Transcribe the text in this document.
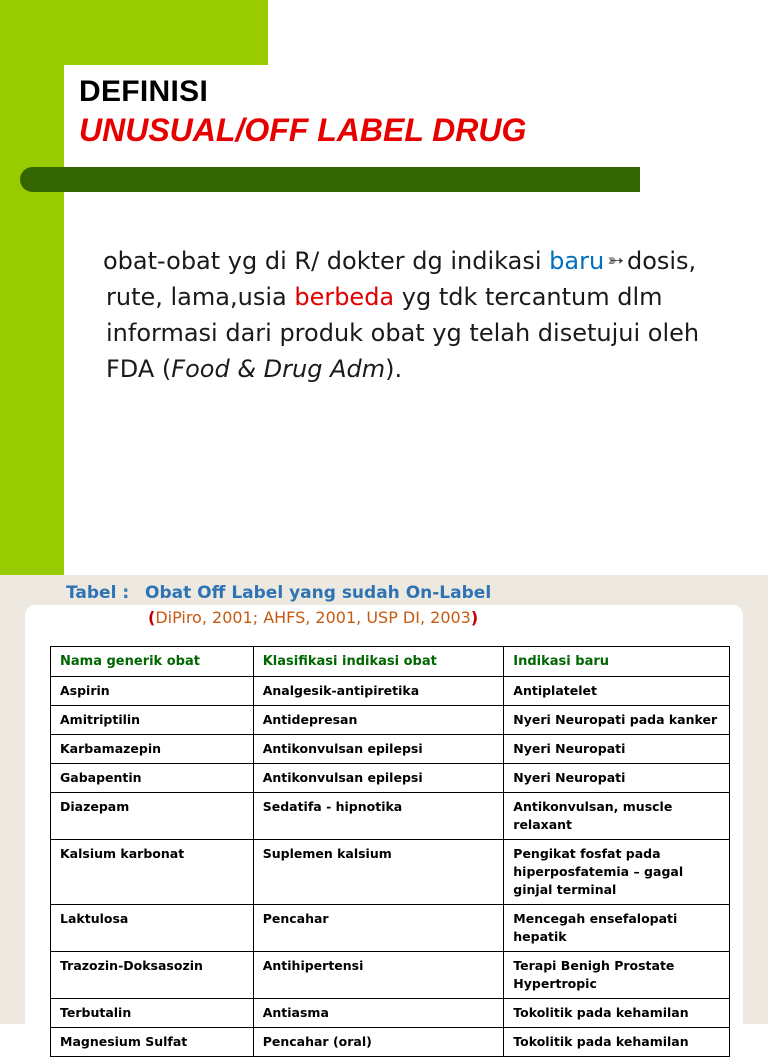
DEFINISI
UNUSUAL/OFF LABEL DRUG
obat-obat yg di R/ dokter dg indikasi baru ➳ dosis,
rute, lama,usia berbeda yg tdk tercantum dlm
informasi dari produk obat yg telah disetujui oleh
FDA (Food & Drug Adm).
Tabel : Obat Off Label yang sudah On-Label
(DiPiro, 2001; AHFS, 2001, USP DI, 2003)
Nama generik obat	Klasifikasi indikasi obat	Indikasi baru
Aspirin	Analgesik-antipiretika	Antiplatelet
Amitriptilin	Antidepresan	Nyeri Neuropati pada kanker
Karbamazepin	Antikonvulsan epilepsi	Nyeri Neuropati
Gabapentin	Antikonvulsan epilepsi	Nyeri Neuropati
Diazepam	Sedatifa - hipnotika	Antikonvulsan, muscle relaxant
Kalsium karbonat	Suplemen kalsium	Pengikat fosfat pada hiperposfatemia – gagal ginjal terminal
Laktulosa	Pencahar	Mencegah ensefalopati hepatik
Trazozin-Doksasozin	Antihipertensi	Terapi Benigh Prostate Hypertropic
Terbutalin	Antiasma	Tokolitik pada kehamilan
Magnesium Sulfat	Pencahar (oral)	Tokolitik pada kehamilan
